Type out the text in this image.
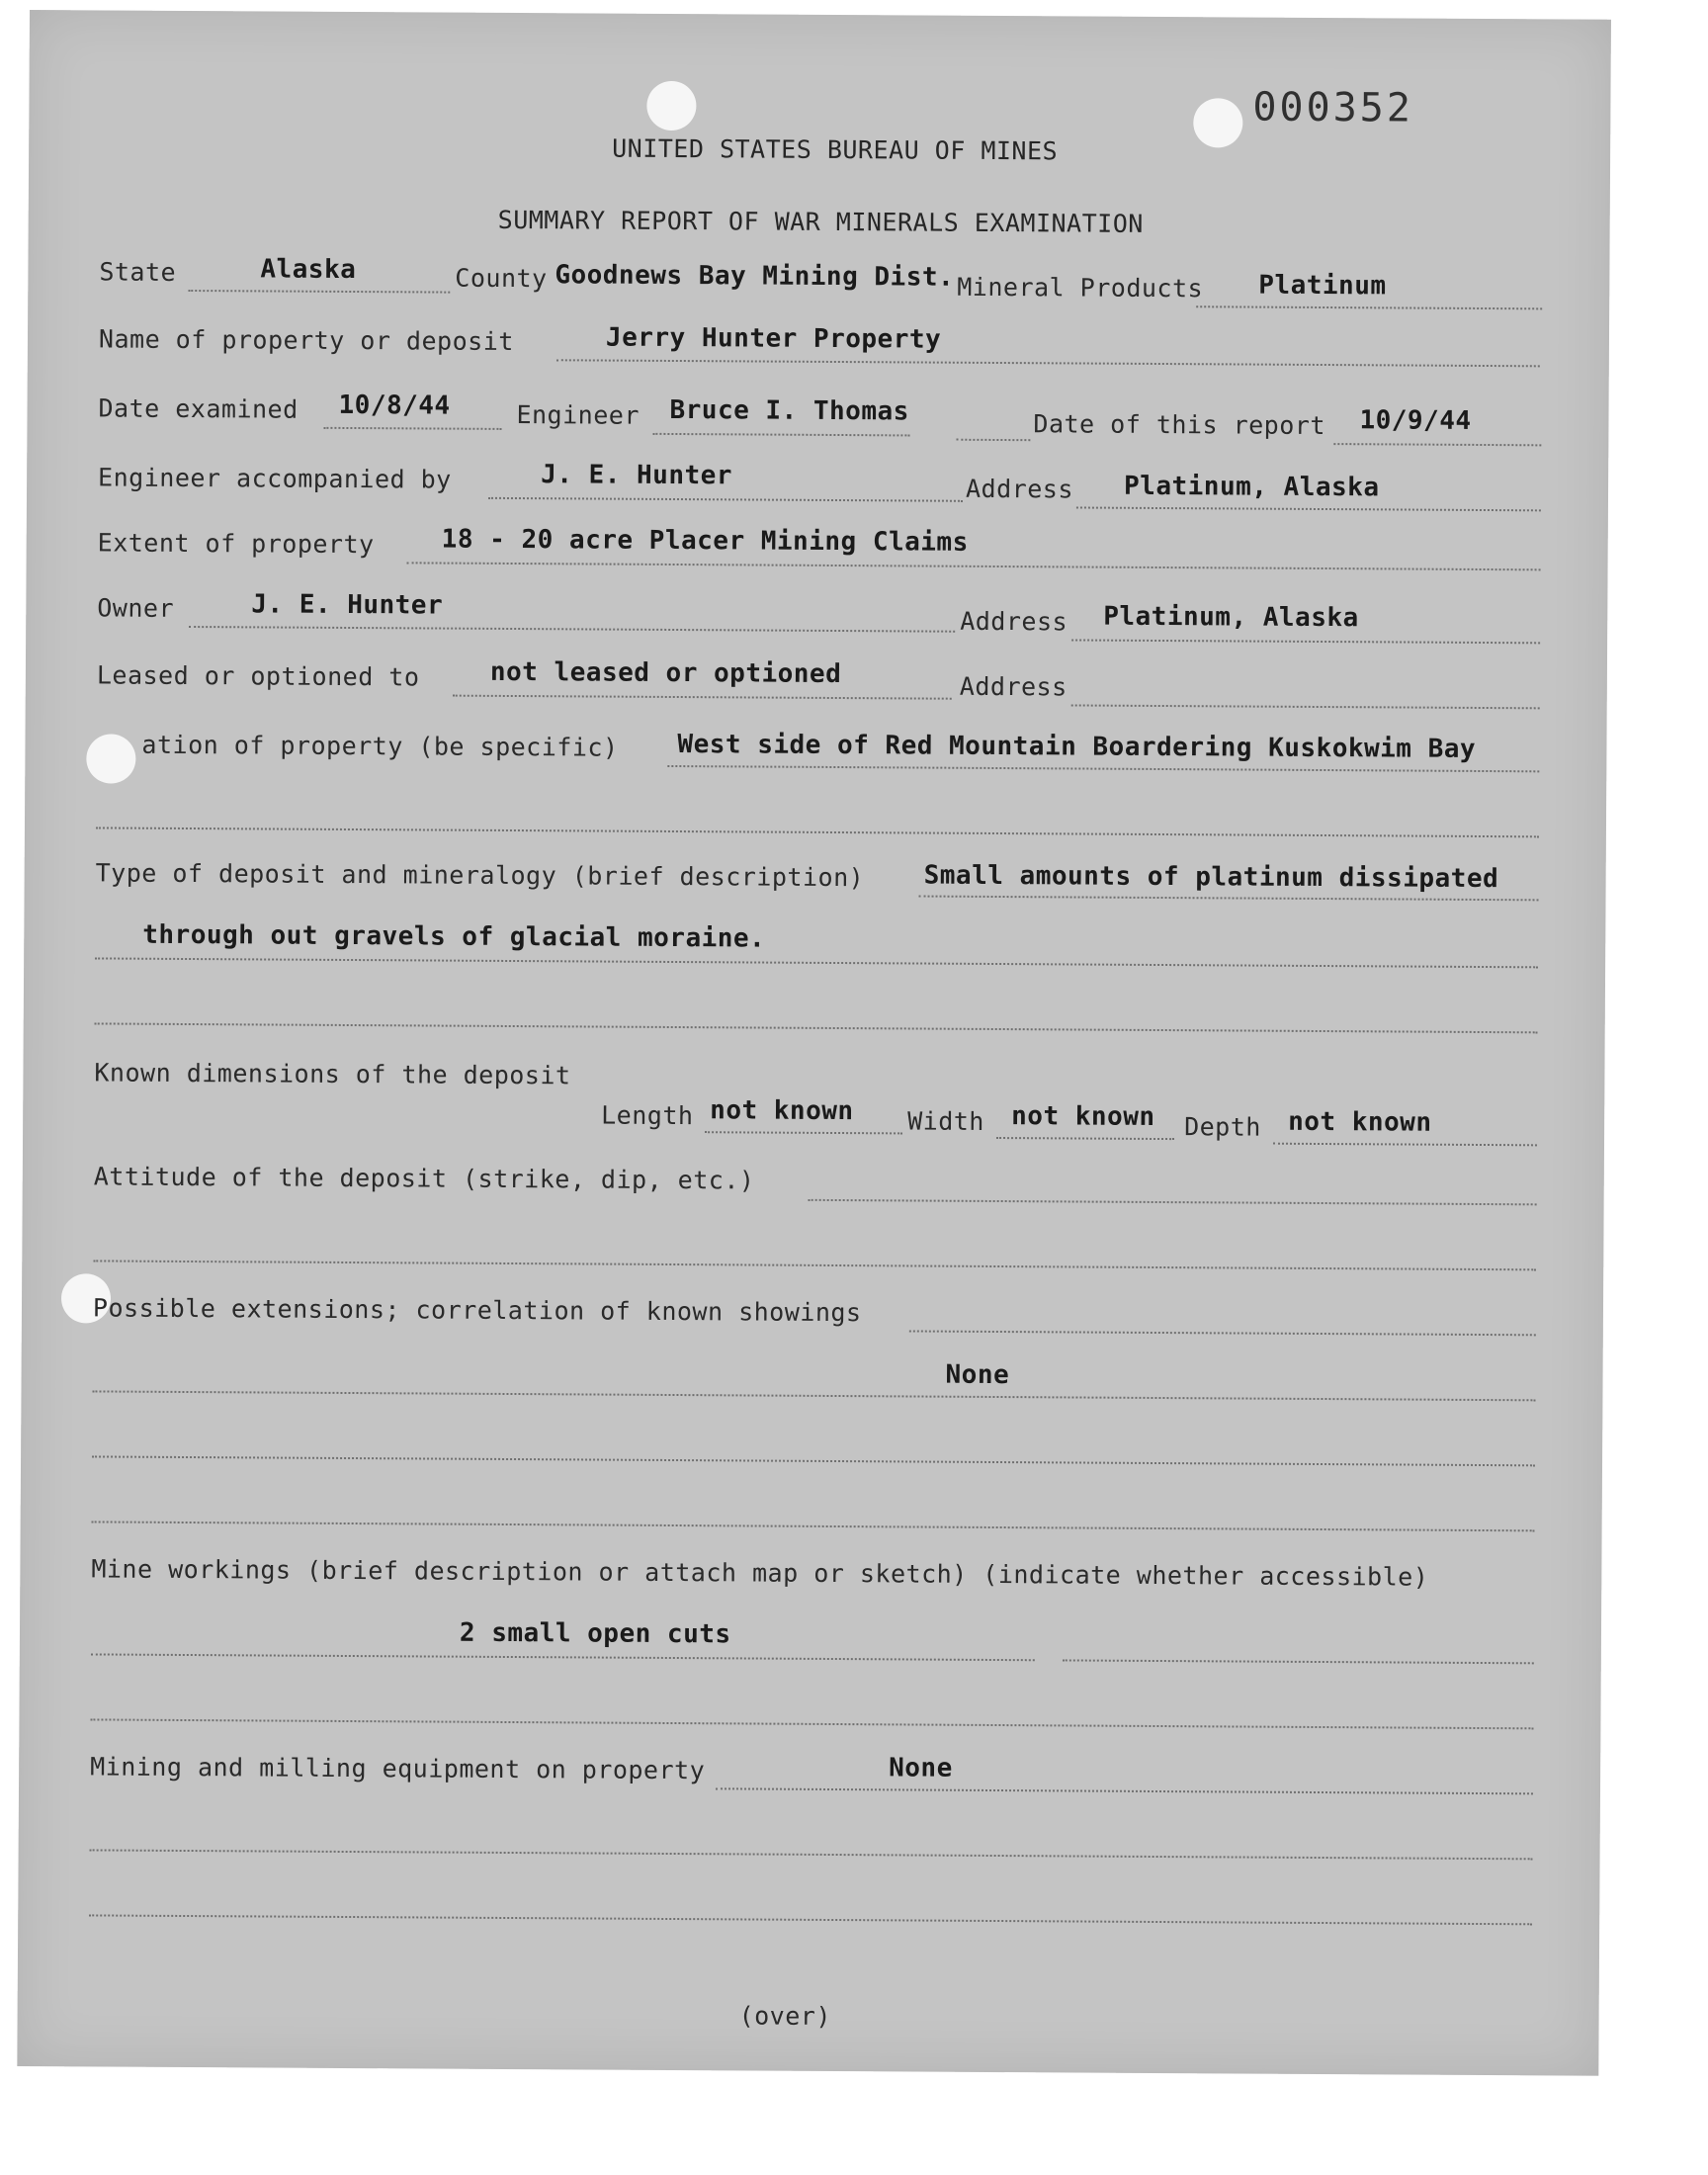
000352
UNITED STATES BUREAU OF MINES
SUMMARY REPORT OF WAR MINERALS EXAMINATION
State	Alaska	County Goodnews Bay Mining Dist. Mineral Products Platinum
Name of property or deposit	Jerry Hunter Property
Date examined 10/8/44	Engineer Bruce I. Thomas	Date of this report 10/9/44
Engineer accompanied by	J. E. Hunter	Address Platinum, Alaska
Extent of property	18 - 20 acre Placer Mining Claims
Owner	J. E. Hunter
Address Platinum, Alaska
Leased or optioned to	not leased or optioned	Address
ation of property (be specific) West side of Red Mountain Boardering Kuskokwim Bay
Type of deposit and mineralogy (brief description) Small amounts of platinum dissipated
through out gravels of glacial moraine.
Known dimensions of the deposit
Length not known Width not known Depth not known
Attitude of the deposit (strike, dip, etc.)
Possible extensions; correlation of known showings
None
Mine workings (brief description or attach map or sketch) (indicate whether accessible)
2 small open cuts
Mining and milling equipment on property	None
(over)
